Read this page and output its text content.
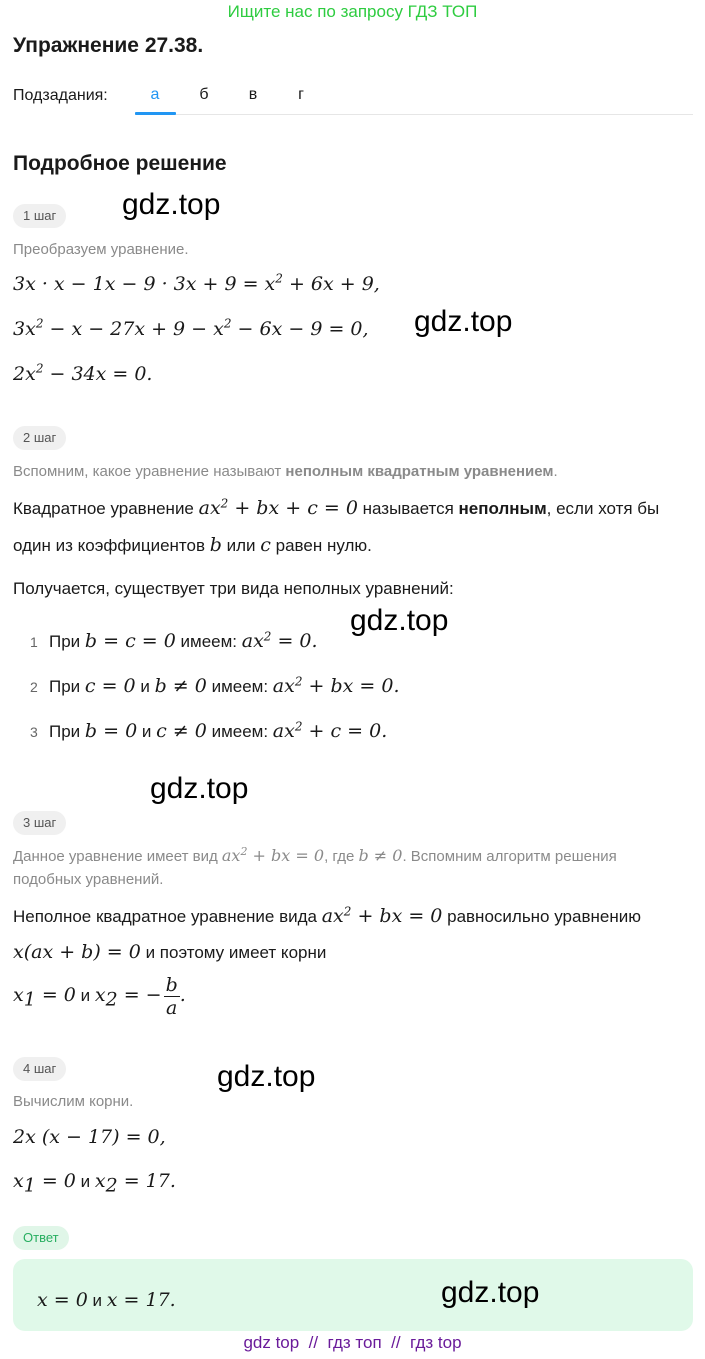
Ищите нас по запросу ГДЗ ТОП
Упражнение 27.38.
Подзадания:	а	б	в	г
Подробное решение
1 шаг	gdz.top
Преобразуем уравнение.
$3x \cdot x - 1x - 9 \cdot 3x + 9 = x^2 + 6x + 9$,
$3x^2 - x - 27x + 9 - x^2 - 6x - 9 = 0$, gdz.top
$2x^2 - 34x = 0$.
2 шаг
Вспомним, какое уравнение называют неполным квадратным уравнением.
Квадратное уравнение $ax^2$ + bx + c = 0 называется неполным, если хотя бы
один из коэффициентов b или c равен нулю.
Получается, существует три вида неполных уравнений:
gdz.top
1 При b = c = 0 имеем: $ax^2 = 0$.
2 При c = 0 и b ≠ 0 имеем: $ax^2$ + bx = 0.
3 При b = 0 и c ≠ 0 имеем: $ax^2 + c = 0$.
gdz.top
3 шаг
Данное уравнение имеет вид $ax^2$ + bx = 0, где b ≠ 0. Вспомним алгоритм решения
подобных уравнений.
Неполное квадратное уравнение вида $ax^2$ + bx = 0 равносильно уравнению
x(ax + b) = 0 и поэтому имеет корни
$x_1 = 0$ и $x_2$ = − $\frac{b}{a}$ .
4 шаг	gdz.top
Вычислим корни.
2x (x − 17) = 0,
$x_1 = 0$ и $x_2 = 17$.
Ответ
x = 0 и x = 17.	gdz.top
gdz top  //  гдз топ  //  гдз top
